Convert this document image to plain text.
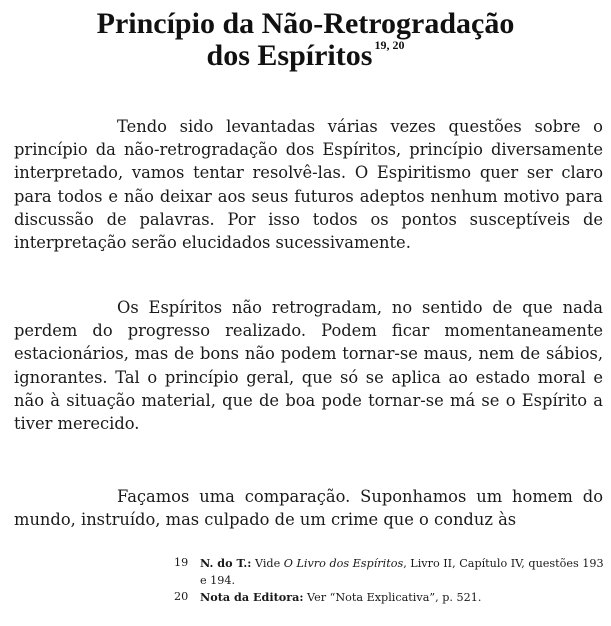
Princípio da Não-Retrogradação
dos Espíritos $^{19, 20}$

Tendo sido levantadas várias vezes questões sobre o princípio da não-retrogradação dos Espíritos, princípio diversamente interpretado, vamos tentar resolvê-las. O Espiritismo quer ser claro para todos e não deixar aos seus futuros adeptos nenhum motivo para discussão de palavras. Por isso todos os pontos susceptíveis de interpretação serão elucidados sucessivamente.

Os Espíritos não retrogradam, no sentido de que nada perdem do progresso realizado. Podem ficar momentaneamente estacionários, mas de bons não podem tornar-se maus, nem de sábios, ignorantes. Tal o princípio geral, que só se aplica ao estado moral e não à situação material, que de boa pode tornar-se má se o Espírito a tiver merecido.

Façamos uma comparação. Suponhamos um homem do mundo, instruído, mas culpado de um crime que o conduz às

19 N. do T.: Vide O Livro dos Espíritos, Livro II, Capítulo IV, questões 193 e 194.

20 Nota da Editora: Ver “Nota Explicativa”, p. 521.
